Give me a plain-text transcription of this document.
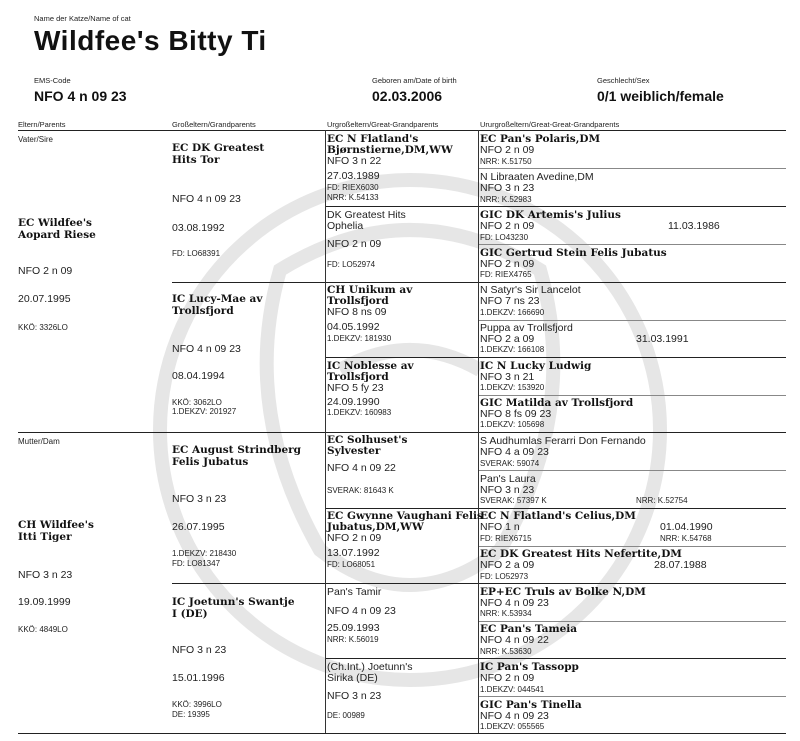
Name der Katze/Name of cat
Wildfee's Bitty Ti
EMS-Code
NFO 4 n 09 23
Geboren am/Date of birth
02.03.2006
Geschlecht/Sex
0/1 weiblich/female
Eltern/Parents	Großeltern/Grandparents	Urgroßeltern/Great-Grandparents	Ururgroßeltern/Great-Great-Grandparents
Vater/Sire
EC Wildfee's
Aopard Riese
NFO 2 n 09
20.07.1995
KKÖ: 3326LO
EC DK Greatest
Hits Tor
NFO 4 n 09 23
03.08.1992
FD: LO68391
IC Lucy-Mae av
Trollsfjord
NFO 4 n 09 23
08.04.1994
KKÖ: 3062LO
1.DEKZV: 201927
EC N Flatland's
Bjørnstierne,DM,WW
NFO 3 n 22
27.03.1989
FD: RIEX6030
NRR: K.54133
DK Greatest Hits
Ophelia
NFO 2 n 09
FD: LO52974
CH Unikum av
Trollsfjord
NFO 8 ns 09
04.05.1992
1.DEKZV: 181930
IC Noblesse av
Trollsfjord
NFO 5 fy 23
24.09.1990
1.DEKZV: 160983
EC Pan's Polaris,DM
NFO 2 n 09
NRR: K.51750
N Libraaten Avedine,DM
NFO 3 n 23
NRR: K.52983
GIC DK Artemis's Julius
NFO 2 n 09	11.03.1986
FD: LO43230
GIC Gertrud Stein Felis Jubatus
NFO 2 n 09
FD: RIEX4765
N Satyr's Sir Lancelot
NFO 7 ns 23
1.DEKZV: 166690
Puppa av Trollsfjord
NFO 2 a 09	31.03.1991
1.DEKZV: 166108
IC N Lucky Ludwig
NFO 3 n 21
1.DEKZV: 153920
GIC Matilda av Trollsfjord
NFO 8 fs 09 23
1.DEKZV: 105698
Mutter/Dam
CH Wildfee's
Itti Tiger
NFO 3 n 23
19.09.1999
KKÖ: 4849LO
EC August Strindberg
Felis Jubatus
NFO 3 n 23
26.07.1995
1.DEKZV: 218430
FD: LO81347
IC Joetunn's Swantje
I (DE)
NFO 3 n 23
15.01.1996
KKÖ: 3996LO
DE: 19395
EC Solhuset's
Sylvester
NFO 4 n 09 22
SVERAK: 81643 K
EC Gwynne Vaughani Felis
Jubatus,DM,WW
NFO 2 n 09
13.07.1992
FD: LO68051
Pan's Tamir
NFO 4 n 09 23
25.09.1993
NRR: K.56019
(Ch.Int.) Joetunn's
Sirika (DE)
NFO 3 n 23
DE: 00989
S Audhumlas Ferarri Don Fernando
NFO 4 a 09 23
SVERAK: 59074
Pan's Laura
NFO 3 n 23
SVERAK: 57397 K	NRR: K.52754
EC N Flatland's Celius,DM
NFO 1 n	01.04.1990
FD: RIEX6715	NRR: K.54768
EC DK Greatest Hits Nefertite,DM
NFO 2 a 09	28.07.1988
FD: LO52973
EP+EC Truls av Bolke N,DM
NFO 4 n 09 23
NRR: K.53934
EC Pan's Tameia
NFO 4 n 09 22
NRR: K.53630
IC Pan's Tassopp
NFO 2 n 09
1.DEKZV: 044541
GIC Pan's Tinella
NFO 4 n 09 23
1.DEKZV: 055565
